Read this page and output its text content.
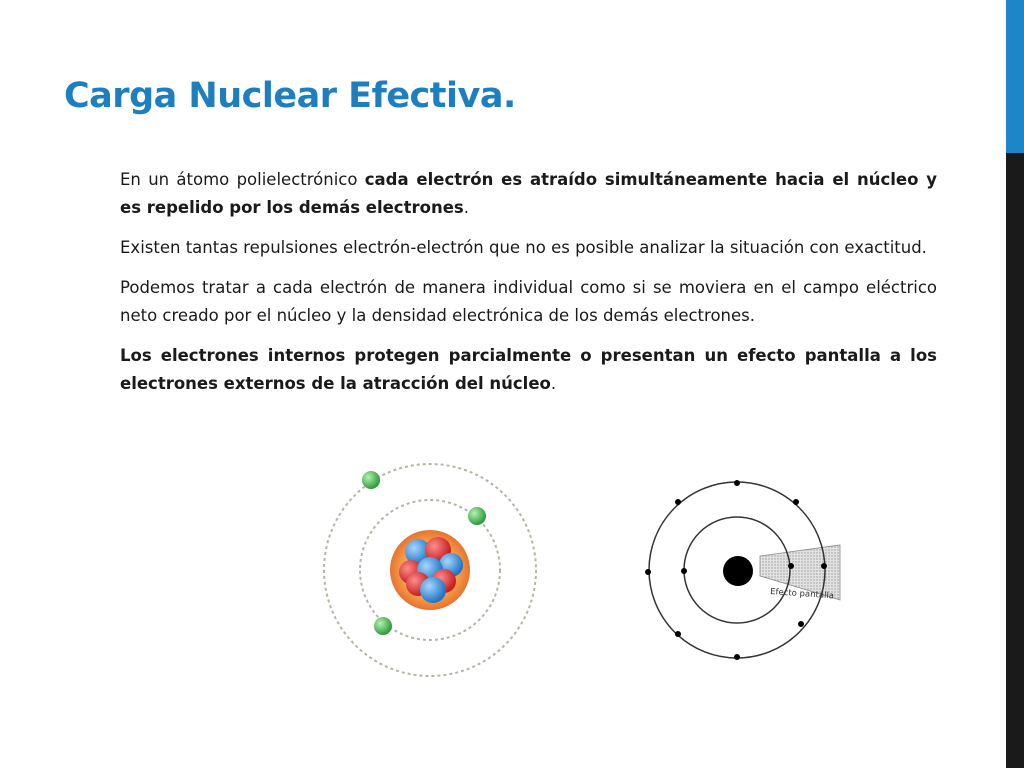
Carga Nuclear Efectiva.

En un átomo polielectrónico cada electrón es atraído simultáneamente hacia el núcleo y es repelido por los demás electrones.

Existen tantas repulsiones electrón-electrón que no es posible analizar la situación con exactitud.

Podemos tratar a cada electrón de manera individual como si se moviera en el campo eléctrico neto creado por el núcleo y la densidad electrónica de los demás electrones.

Los electrones internos protegen parcialmente o presentan un efecto pantalla a los electrones externos de la atracción del núcleo.

Efecto pantalla
